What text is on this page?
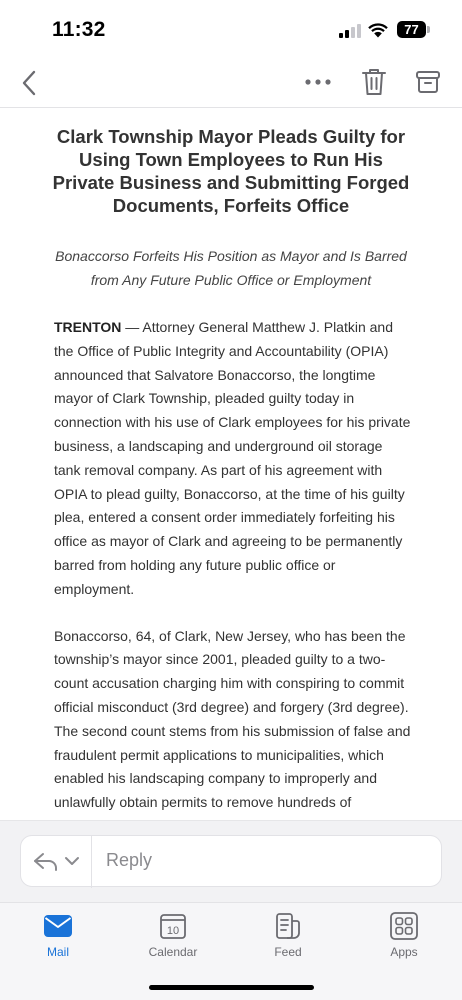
11:32	77
Clark Township Mayor Pleads Guilty for Using Town Employees to Run His Private Business and Submitting Forged Documents, Forfeits Office

Bonaccorso Forfeits His Position as Mayor and Is Barred from Any Future Public Office or Employment

TRENTON — Attorney General Matthew J. Platkin and the Office of Public Integrity and Accountability (OPIA) announced that Salvatore Bonaccorso, the longtime mayor of Clark Township, pleaded guilty today in connection with his use of Clark employees for his private business, a landscaping and underground oil storage tank removal company. As part of his agreement with OPIA to plead guilty, Bonaccorso, at the time of his guilty plea, entered a consent order immediately forfeiting his office as mayor of Clark and agreeing to be permanently barred from holding any future public office or employment.

Bonaccorso, 64, of Clark, New Jersey, who has been the township’s mayor since 2001, pleaded guilty to a two-count accusation charging him with conspiring to commit official misconduct (3rd degree) and forgery (3rd degree). The second count stems from his submission of false and fraudulent permit applications to municipalities, which enabled his landscaping company to improperly and unlawfully obtain permits to remove hundreds of

Reply
Mail
10
Calendar	Feed	Apps
